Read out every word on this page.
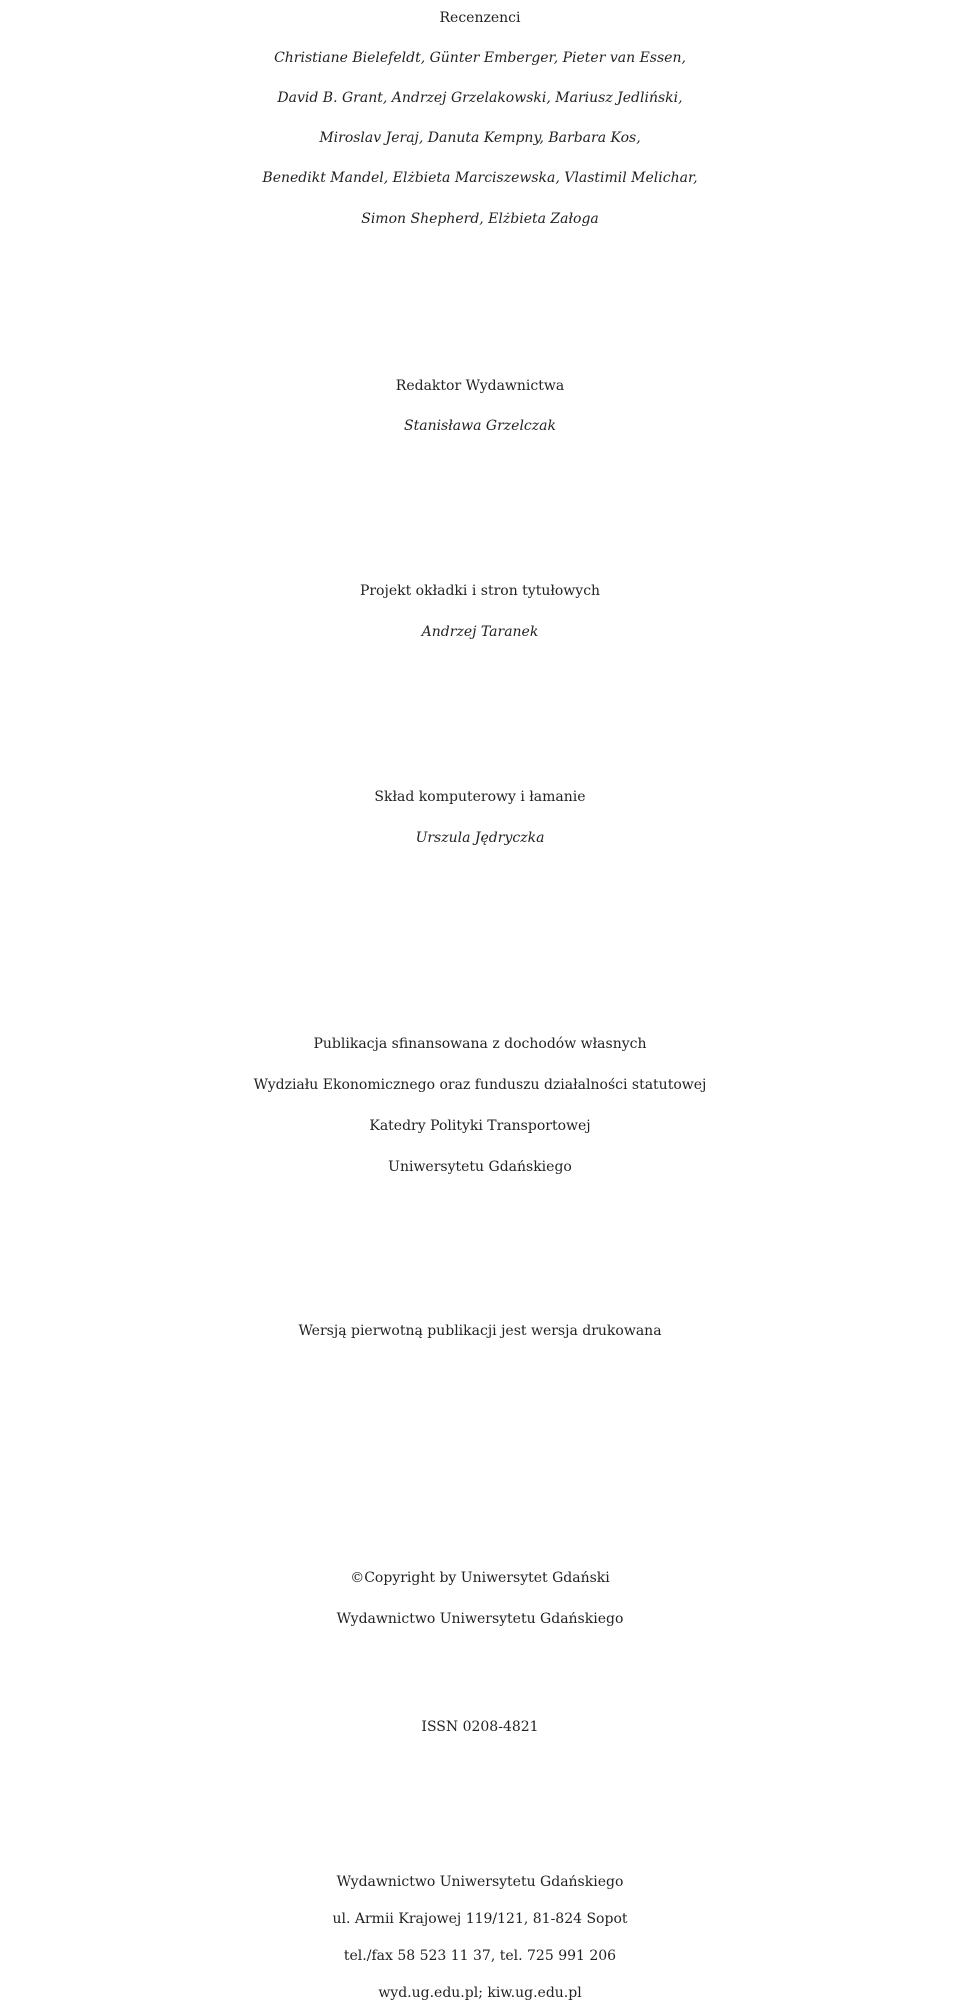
Recenzenci
Christiane Bielefeldt, Günter Emberger, Pieter van Essen,
David B. Grant, Andrzej Grzelakowski, Mariusz Jedliński,
Miroslav Jeraj, Danuta Kempny, Barbara Kos,
Benedikt Mandel, Elżbieta Marciszewska, Vlastimil Melichar,
Simon Shepherd, Elżbieta Załoga
Redaktor Wydawnictwa
Stanisława Grzelczak
Projekt okładki i stron tytułowych
Andrzej Taranek
Skład komputerowy i łamanie
Urszula Jędryczka
Publikacja sfinansowana z dochodów własnych
Wydziału Ekonomicznego oraz funduszu działalności statutowej
Katedry Polityki Transportowej
Uniwersytetu Gdańskiego
Wersją pierwotną publikacji jest wersja drukowana
©Copyright by Uniwersytet Gdański
Wydawnictwo Uniwersytetu Gdańskiego
ISSN 0208-4821
Wydawnictwo Uniwersytetu Gdańskiego
ul. Armii Krajowej 119/121, 81-824 Sopot
tel./fax 58 523 11 37, tel. 725 991 206
wyd.ug.edu.pl; kiw.ug.edu.pl
